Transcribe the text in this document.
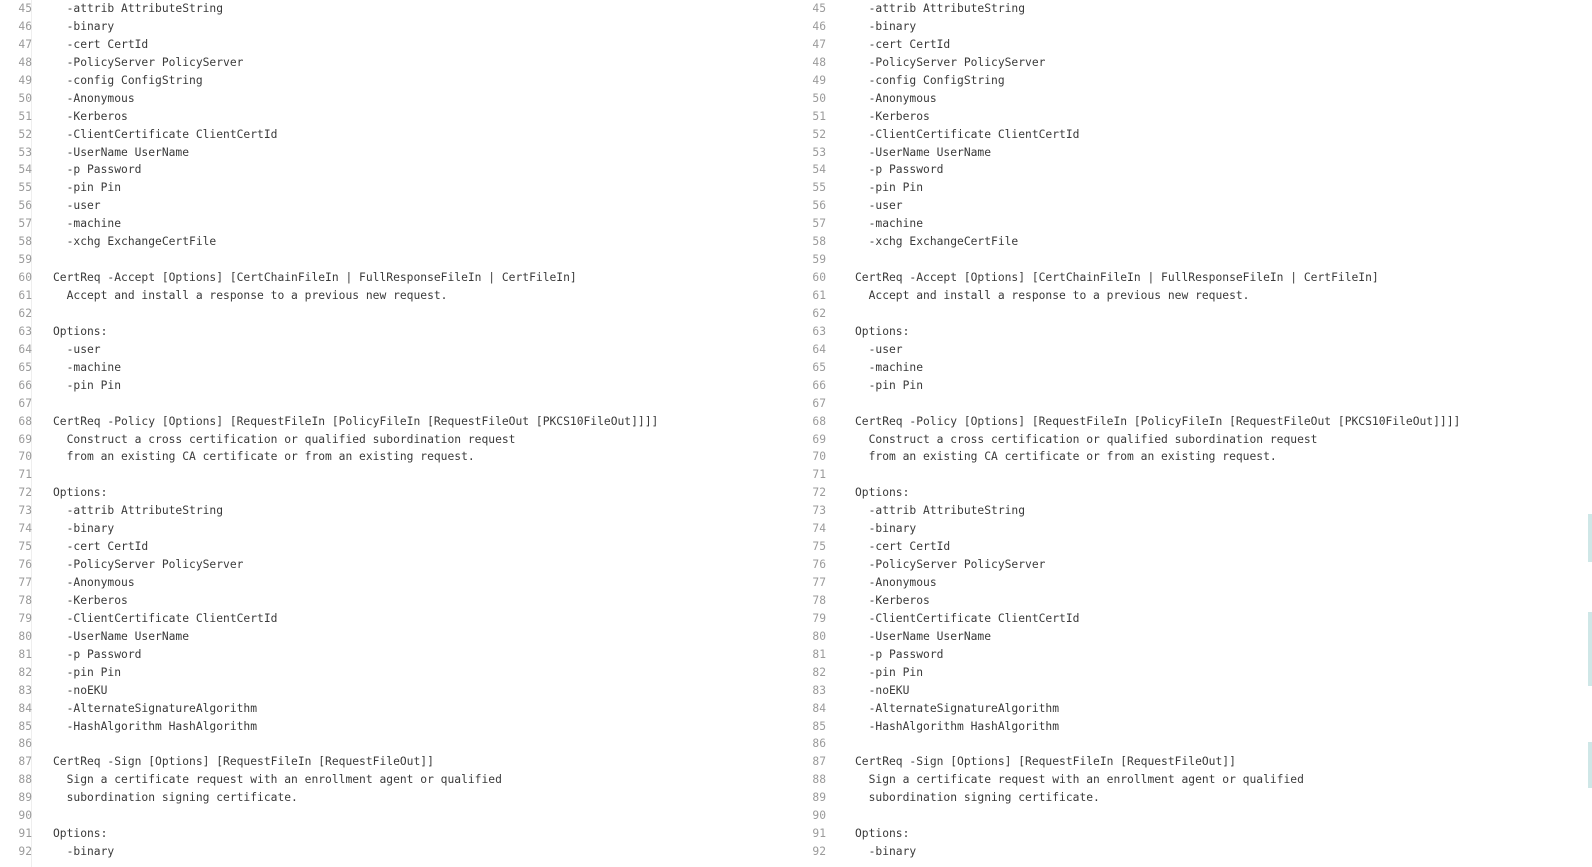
45 -attrib AttributeString
46 -binary
47 -cert CertId
48 -PolicyServer PolicyServer
49 -config ConfigString
50 -Anonymous
51 -Kerberos
52 -ClientCertificate ClientCertId
53 -UserName UserName
54 -p Password
55 -pin Pin
56 -user
57 -machine
58 -xchg ExchangeCertFile
59
60 CertReq -Accept [Options] [CertChainFileIn | FullResponseFileIn | CertFileIn]
61 Accept and install a response to a previous new request.
62
63 Options:
64 -user
65 -machine
66 -pin Pin
67
68 CertReq -Policy [Options] [RequestFileIn [PolicyFileIn [RequestFileOut [PKCS10FileOut]]]]
69 Construct a cross certification or qualified subordination request
70 from an existing CA certificate or from an existing request.
71
72 Options:
73 -attrib AttributeString
74 -binary
75 -cert CertId
76 -PolicyServer PolicyServer
77 -Anonymous
78 -Kerberos
79 -ClientCertificate ClientCertId
80 -UserName UserName
81 -p Password
82 -pin Pin
83 -noEKU
84 -AlternateSignatureAlgorithm
85 -HashAlgorithm HashAlgorithm
86
87 CertReq -Sign [Options] [RequestFileIn [RequestFileOut]]
88 Sign a certificate request with an enrollment agent or qualified
89 subordination signing certificate.
90
91 Options:
92 -binary
45	-attrib AttributeString
46	-binary
47	-cert CertId
48	-PolicyServer PolicyServer
49	-config ConfigString
50	-Anonymous
51	-Kerberos
52	-ClientCertificate ClientCertId
53	-UserName UserName
54	-p Password
55	-pin Pin
56	-user
57	-machine
58	-xchg ExchangeCertFile
59
60	CertReq -Accept [Options] [CertChainFileIn | FullResponseFileIn | CertFileIn]
61	Accept and install a response to a previous new request.
62
63	Options:
64	-user
65	-machine
66	-pin Pin
67
68	CertReq -Policy [Options] [RequestFileIn [PolicyFileIn [RequestFileOut [PKCS10FileOut]]]]
69	Construct a cross certification or qualified subordination request
70	from an existing CA certificate or from an existing request.
71
72	Options:
73	-attrib AttributeString
74	-binary
75	-cert CertId
76	-PolicyServer PolicyServer
77	-Anonymous
78	-Kerberos
79	-ClientCertificate ClientCertId
80	-UserName UserName
81	-p Password
82	-pin Pin
83	-noEKU
84	-AlternateSignatureAlgorithm
85	-HashAlgorithm HashAlgorithm
86
87	CertReq -Sign [Options] [RequestFileIn [RequestFileOut]]
88	Sign a certificate request with an enrollment agent or qualified
89	subordination signing certificate.
90
91	Options:
92	-binary
